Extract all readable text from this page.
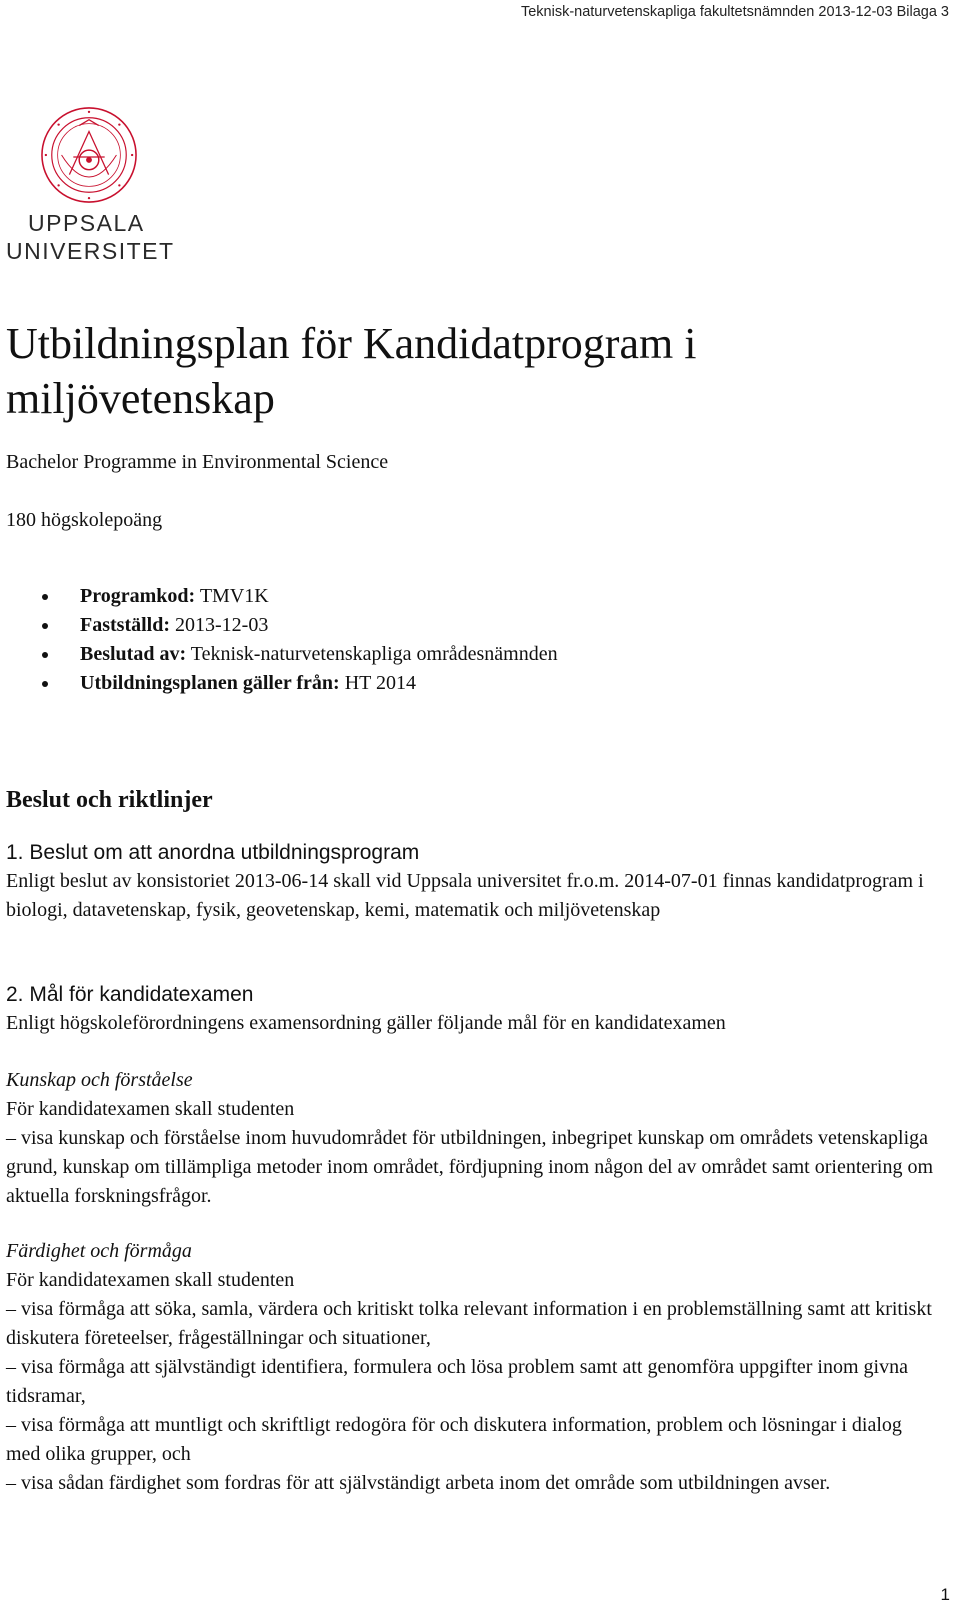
Teknisk-naturvetenskapliga fakultetsnämnden 2013-12-03 Bilaga 3
UPPSALA
UNIVERSITET
Utbildningsplan för Kandidatprogram i miljövetenskap
Bachelor Programme in Environmental Science
180 högskolepoäng
Programkod: TMV1K
Fastställd: 2013-12-03
Beslutad av: Teknisk-naturvetenskapliga områdesnämnden
Utbildningsplanen gäller från: HT 2014
Beslut och riktlinjer
1. Beslut om att anordna utbildningsprogram

Enligt beslut av konsistoriet 2013-06-14 skall vid Uppsala universitet fr.o.m. 2014-07-01 finnas kandidatprogram i biologi, datavetenskap, fysik, geovetenskap, kemi, matematik och miljövetenskap

2. Mål för kandidatexamen

Enligt högskoleförordningens examensordning gäller följande mål för en kandidatexamen

Kunskap och förståelse
För kandidatexamen skall studenten
– visa kunskap och förståelse inom huvudområdet för utbildningen, inbegripet kunskap om områdets vetenskapliga grund, kunskap om tillämpliga metoder inom området, fördjupning inom någon del av området samt orientering om aktuella forskningsfrågor.
Färdighet och förmåga
För kandidatexamen skall studenten
– visa förmåga att söka, samla, värdera och kritiskt tolka relevant information i en problemställning samt att kritiskt diskutera företeelser, frågeställningar och situationer,
– visa förmåga att självständigt identifiera, formulera och lösa problem samt att genomföra uppgifter inom givna tidsramar,
– visa förmåga att muntligt och skriftligt redogöra för och diskutera information, problem och lösningar i dialog med olika grupper, och
– visa sådan färdighet som fordras för att självständigt arbeta inom det område som utbildningen avser.
1
